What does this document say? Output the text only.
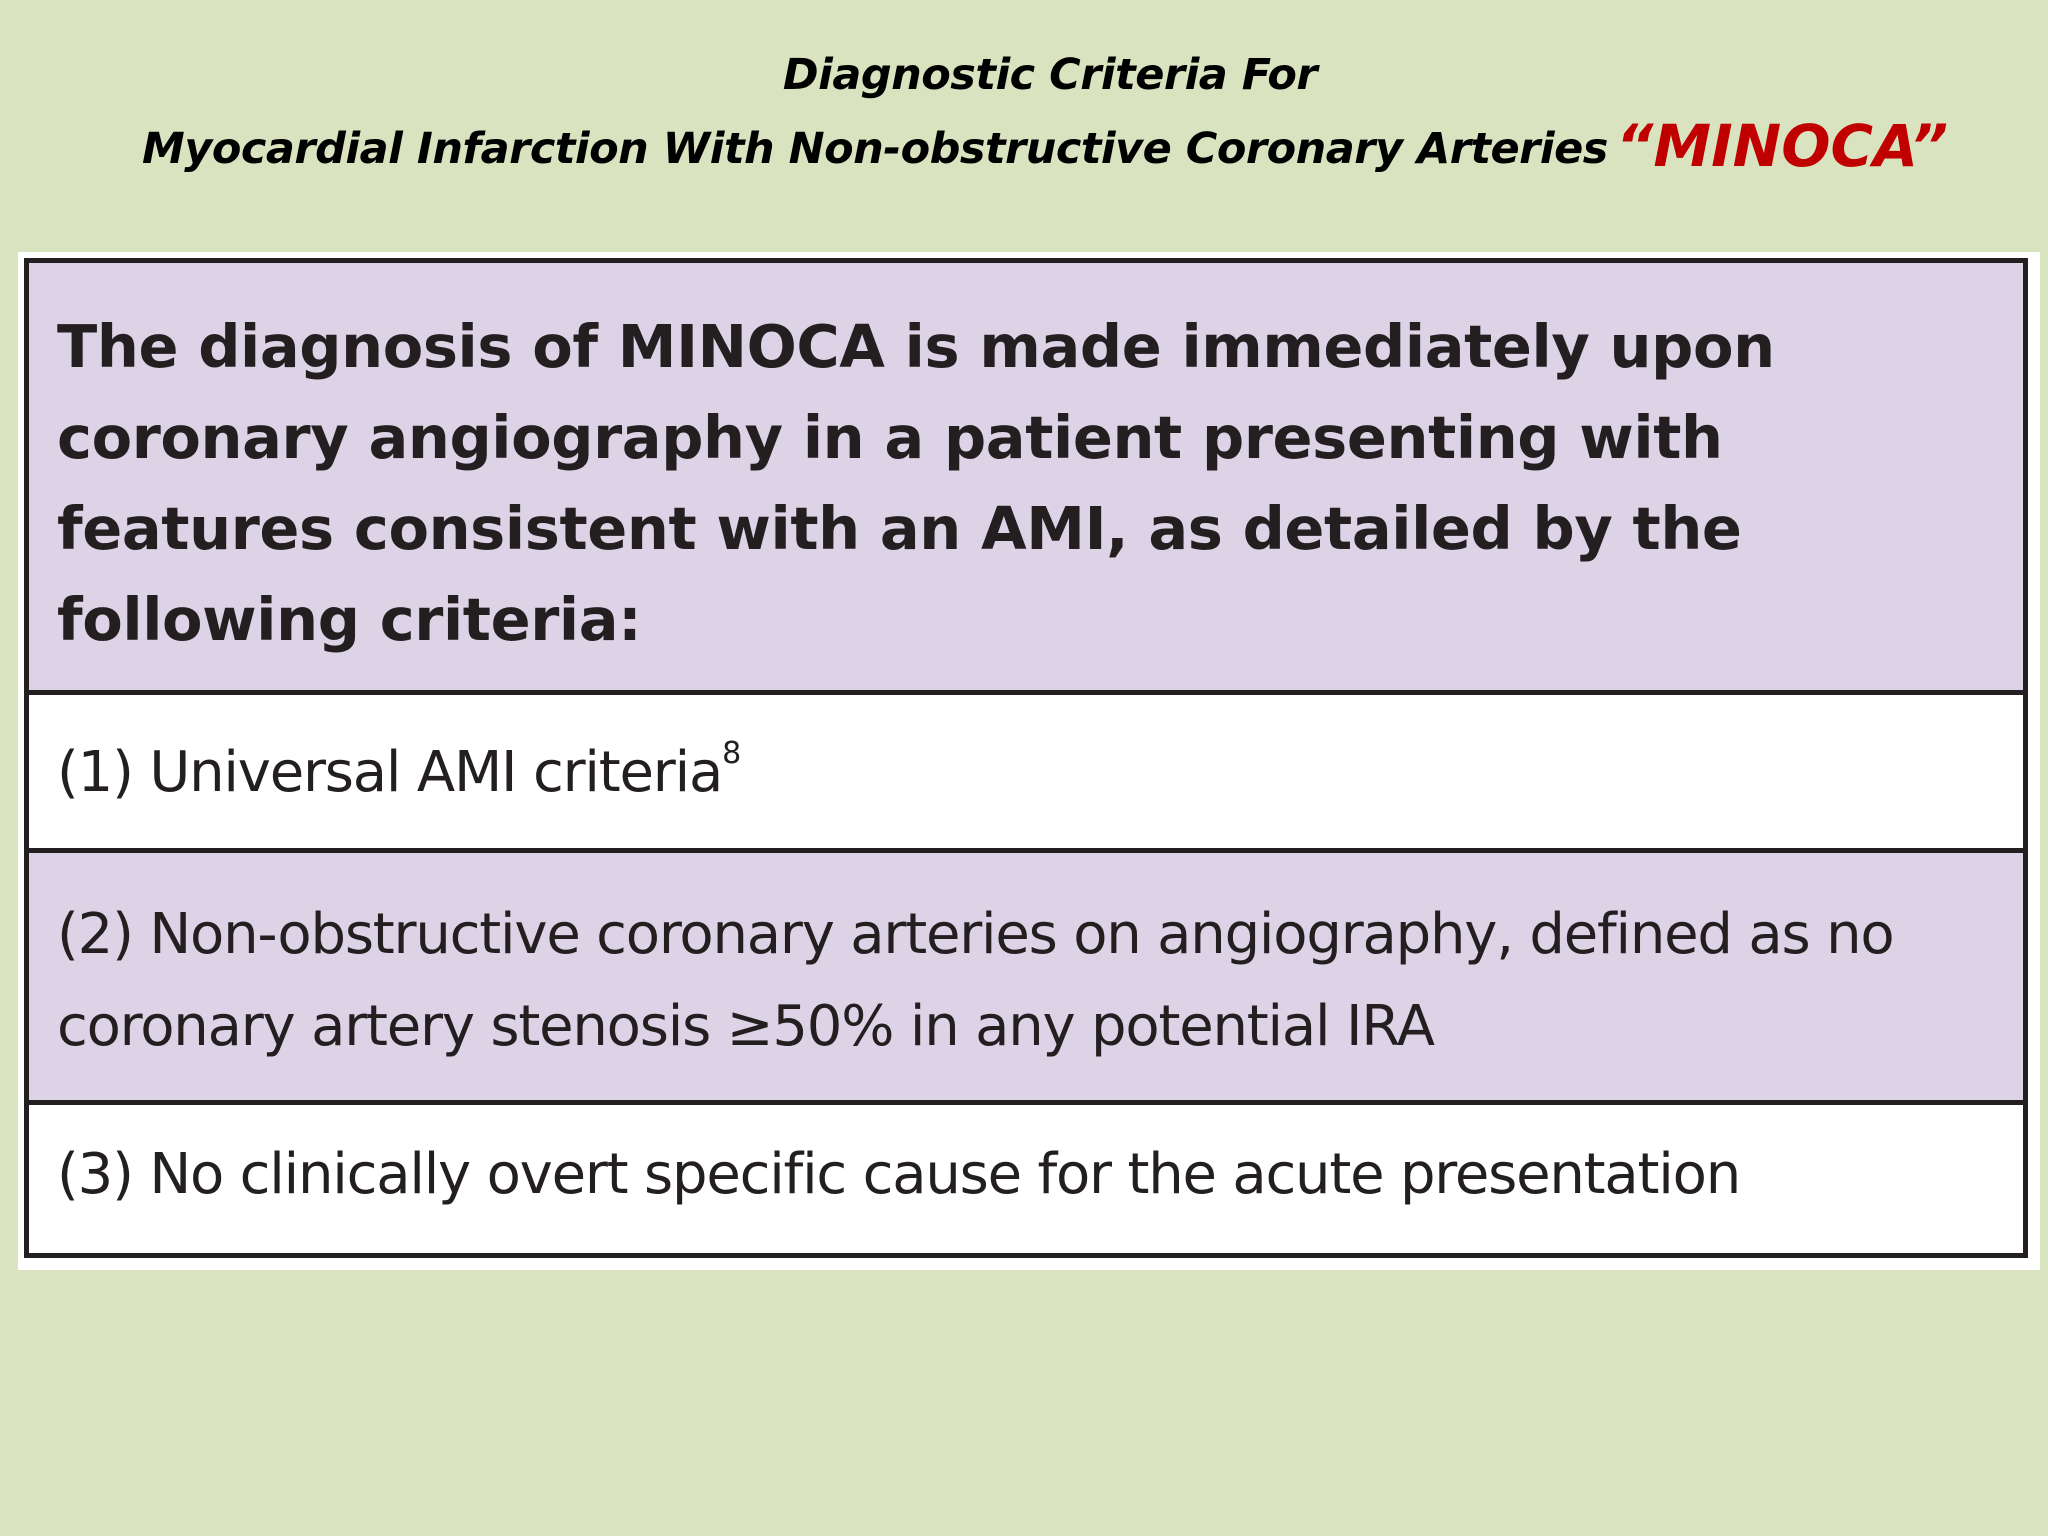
Diagnostic Criteria For
Myocardial Infarction With Non-obstructive Coronary Arteries “MINOCA”
The diagnosis of MINOCA is made immediately upon coronary angiography in a patient presenting with features consistent with an AMI, as detailed by the following criteria:
(1) Universal AMI criteria$^8$
(2) Non-obstructive coronary arteries on angiography, defined as no coronary artery stenosis ≥50% in any potential IRA
(3) No clinically overt specific cause for the acute presentation
